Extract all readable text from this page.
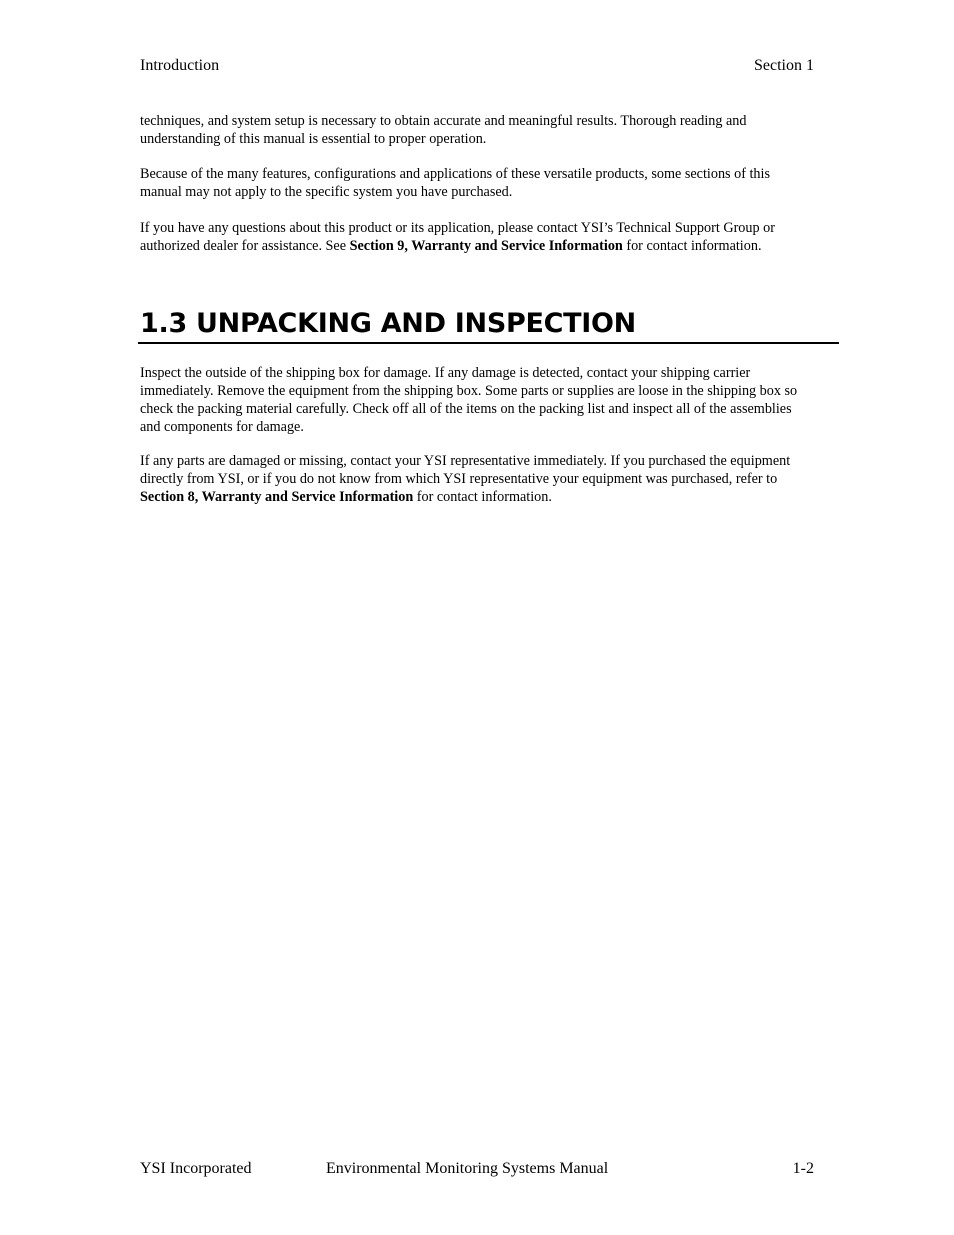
Introduction	Section 1

techniques, and system setup is necessary to obtain accurate and meaningful results. Thorough reading and understanding of this manual is essential to proper operation.

Because of the many features, configurations and applications of these versatile products, some sections of this manual may not apply to the specific system you have purchased.

If you have any questions about this product or its application, please contact YSI’s Technical Support Group or authorized dealer for assistance. See Section 9, Warranty and Service Information for contact information.

1.3 UNPACKING AND INSPECTION

Inspect the outside of the shipping box for damage. If any damage is detected, contact your shipping carrier immediately. Remove the equipment from the shipping box. Some parts or supplies are loose in the shipping box so check the packing material carefully. Check off all of the items on the packing list and inspect all of the assemblies and components for damage.

If any parts are damaged or missing, contact your YSI representative immediately. If you purchased the equipment directly from YSI, or if you do not know from which YSI representative your equipment was purchased, refer to Section 8, Warranty and Service Information for contact information.

YSI Incorporated	Environmental Monitoring Systems Manual	1-2
